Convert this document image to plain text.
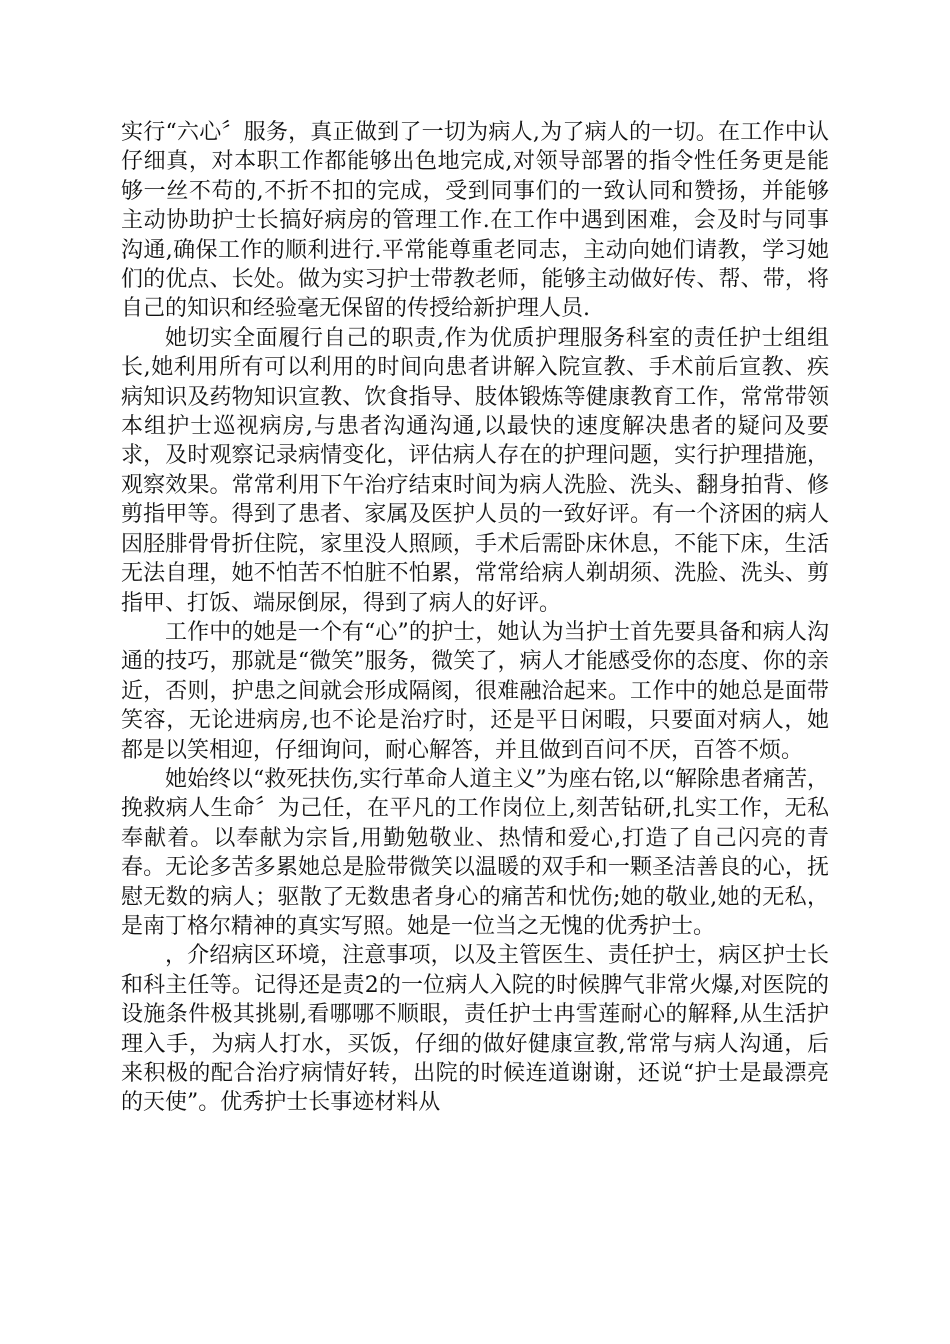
实行“六心〞服务，真正做到了一切为病人,为了病人的一切。在工作中认仔细真，对本职工作都能够出色地完成,对领导部署的指令性任务更是能够一丝不苟的,不折不扣的完成，受到同事们的一致认同和赞扬，并能够主动协助护士长搞好病房的管理工作.在工作中遇到困难，会及时与同事沟通,确保工作的顺利进行.平常能尊重老同志，主动向她们请教，学习她们的优点、长处。做为实习护士带教老师，能够主动做好传、帮、带，将自己的知识和经验毫无保留的传授给新护理人员.

她切实全面履行自己的职责,作为优质护理服务科室的责任护士组组长,她利用所有可以利用的时间向患者讲解入院宣教、手术前后宣教、疾病知识及药物知识宣教、饮食指导、肢体锻炼等健康教育工作，常常带领本组护士巡视病房,与患者沟通沟通,以最快的速度解决患者的疑问及要求，及时观察记录病情变化，评估病人存在的护理问题，实行护理措施，观察效果。常常利用下午治疗结束时间为病人洗脸、洗头、翻身拍背、修剪指甲等。得到了患者、家属及医护人员的一致好评。有一个济困的病人因胫腓骨骨折住院，家里没人照顾，手术后需卧床休息，不能下床，生活无法自理，她不怕苦不怕脏不怕累，常常给病人剃胡须、洗脸、洗头、剪指甲、打饭、端尿倒尿，得到了病人的好评。

工作中的她是一个有“心”的护士，她认为当护士首先要具备和病人沟通的技巧，那就是“微笑”服务，微笑了，病人才能感受你的态度、你的亲近，否则，护患之间就会形成隔阂，很难融洽起来。工作中的她总是面带笑容，无论进病房,也不论是治疗时，还是平日闲暇，只要面对病人，她都是以笑相迎，仔细询问，耐心解答，并且做到百问不厌，百答不烦。

她始终以“救死扶伤,实行革命人道主义”为座右铭,以“解除患者痛苦，挽救病人生命〞为己任，在平凡的工作岗位上,刻苦钻研,扎实工作，无私奉献着。以奉献为宗旨,用勤勉敬业、热情和爱心,打造了自己闪亮的青春。无论多苦多累她总是脸带微笑以温暖的双手和一颗圣洁善良的心，抚慰无数的病人；驱散了无数患者身心的痛苦和忧伤;她的敬业,她的无私，是南丁格尔精神的真实写照。她是一位当之无愧的优秀护士。

，介绍病区环境，注意事项，以及主管医生、责任护士，病区护士长和科主任等。记得还是责2的一位病人入院的时候脾气非常火爆,对医院的设施条件极其挑剔,看哪哪不顺眼，责任护士冉雪莲耐心的解释,从生活护理入手，为病人打水，买饭，仔细的做好健康宣教,常常与病人沟通，后来积极的配合治疗病情好转，出院的时候连道谢谢，还说“护士是最漂亮的天使”。优秀护士长事迹材料从
